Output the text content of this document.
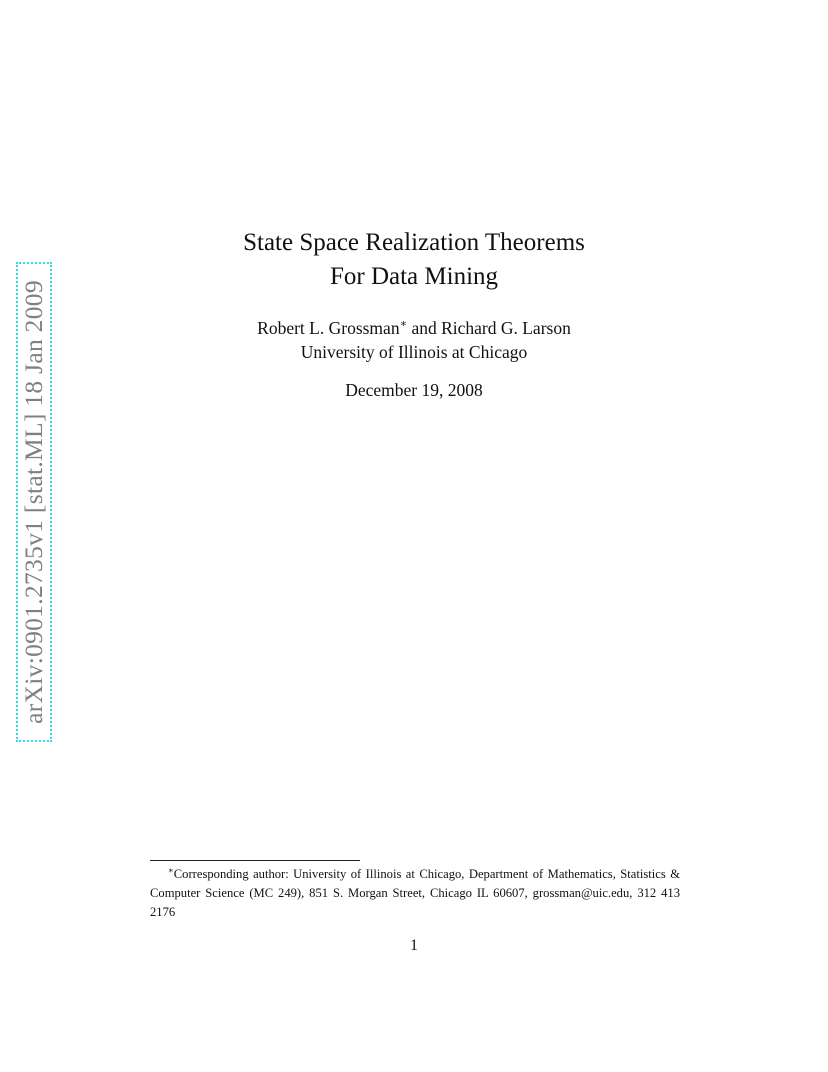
arXiv:0901.2735v1 [stat.ML] 18 Jan 2009
State Space Realization Theorems
For Data Mining
Robert L. Grossman∗ and Richard G. Larson
University of Illinois at Chicago
December 19, 2008

∗Corresponding author: University of Illinois at Chicago, Department of Mathematics, Statistics & Computer Science (MC 249), 851 S. Morgan Street, Chicago IL 60607, grossman@uic.edu, 312 413 2176

1
